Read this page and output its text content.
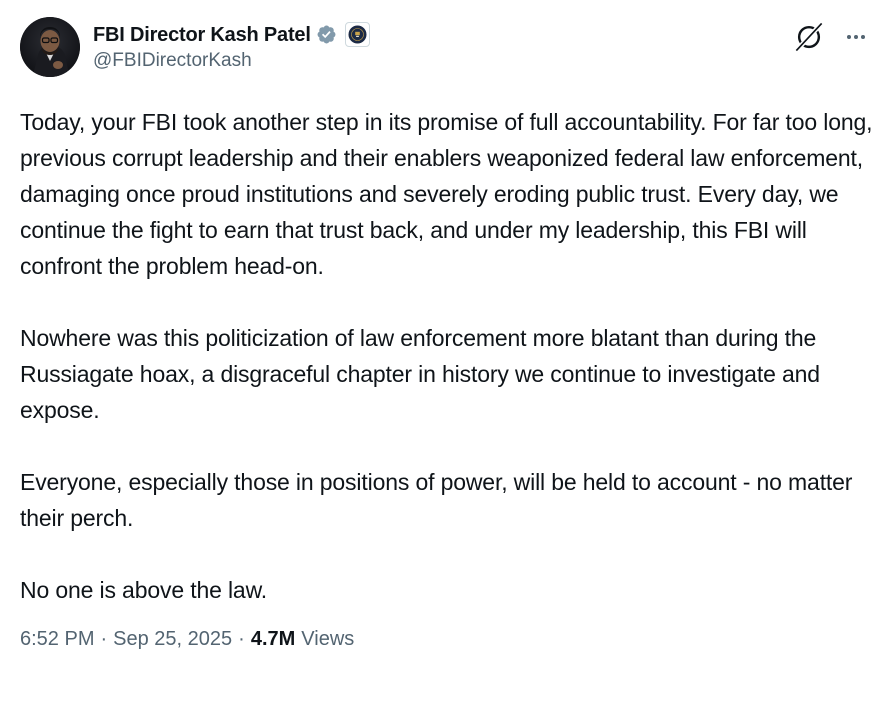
FBI Director Kash Patel
@FBIDirectorKash

Today, your FBI took another step in its promise of full accountability. For far too long, previous corrupt leadership and their enablers weaponized federal law enforcement, damaging once proud institutions and severely eroding public trust. Every day, we continue the fight to earn that trust back, and under my leadership, this FBI will confront the problem head-on.

Nowhere was this politicization of law enforcement more blatant than during the Russiagate hoax, a disgraceful chapter in history we continue to investigate and expose.

Everyone, especially those in positions of power, will be held to account - no matter their perch.

No one is above the law.

6:52 PM · Sep 25, 2025 · 4.7M Views
